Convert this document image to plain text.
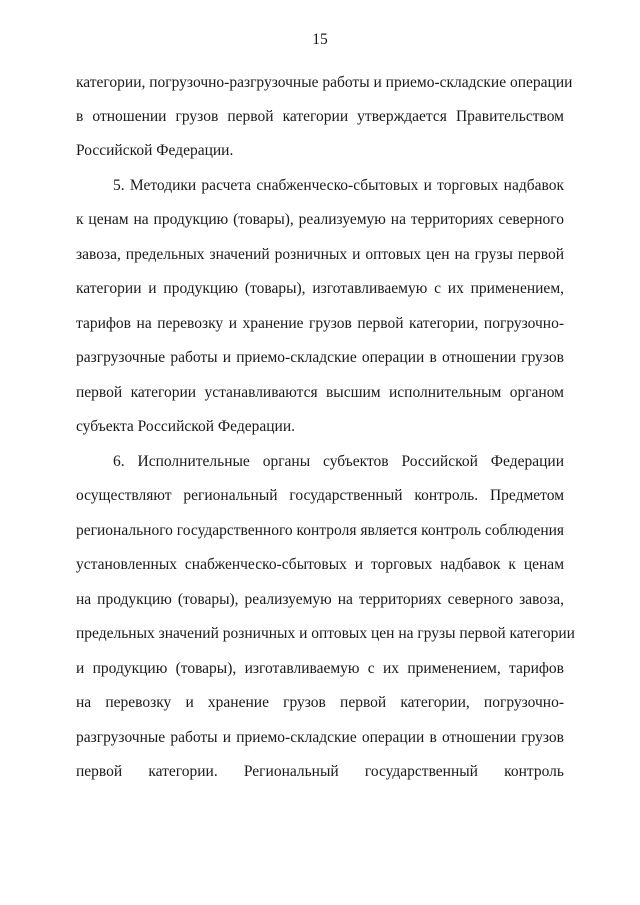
15
категории, погрузочно-разгрузочные работы и приемо-складские операции
в отношении грузов первой категории утверждается Правительством
Российской Федерации.
5. Методики расчета снабженческо-сбытовых и торговых надбавок
к ценам на продукцию (товары), реализуемую на территориях северного
завоза, предельных значений розничных и оптовых цен на грузы первой
категории и продукцию (товары), изготавливаемую с их применением,
тарифов на перевозку и хранение грузов первой категории, погрузочно-
разгрузочные работы и приемо-складские операции в отношении грузов
первой категории устанавливаются высшим исполнительным органом
субъекта Российской Федерации.
6. Исполнительные органы субъектов Российской Федерации
осуществляют региональный государственный контроль. Предметом
регионального государственного контроля является контроль соблюдения
установленных снабженческо-сбытовых и торговых надбавок к ценам
на продукцию (товары), реализуемую на территориях северного завоза,
предельных значений розничных и оптовых цен на грузы первой категории
и продукцию (товары), изготавливаемую с их применением, тарифов
на перевозку и хранение грузов первой категории, погрузочно-
разгрузочные работы и приемо-складские операции в отношении грузов
первой категории. Региональный государственный контроль
